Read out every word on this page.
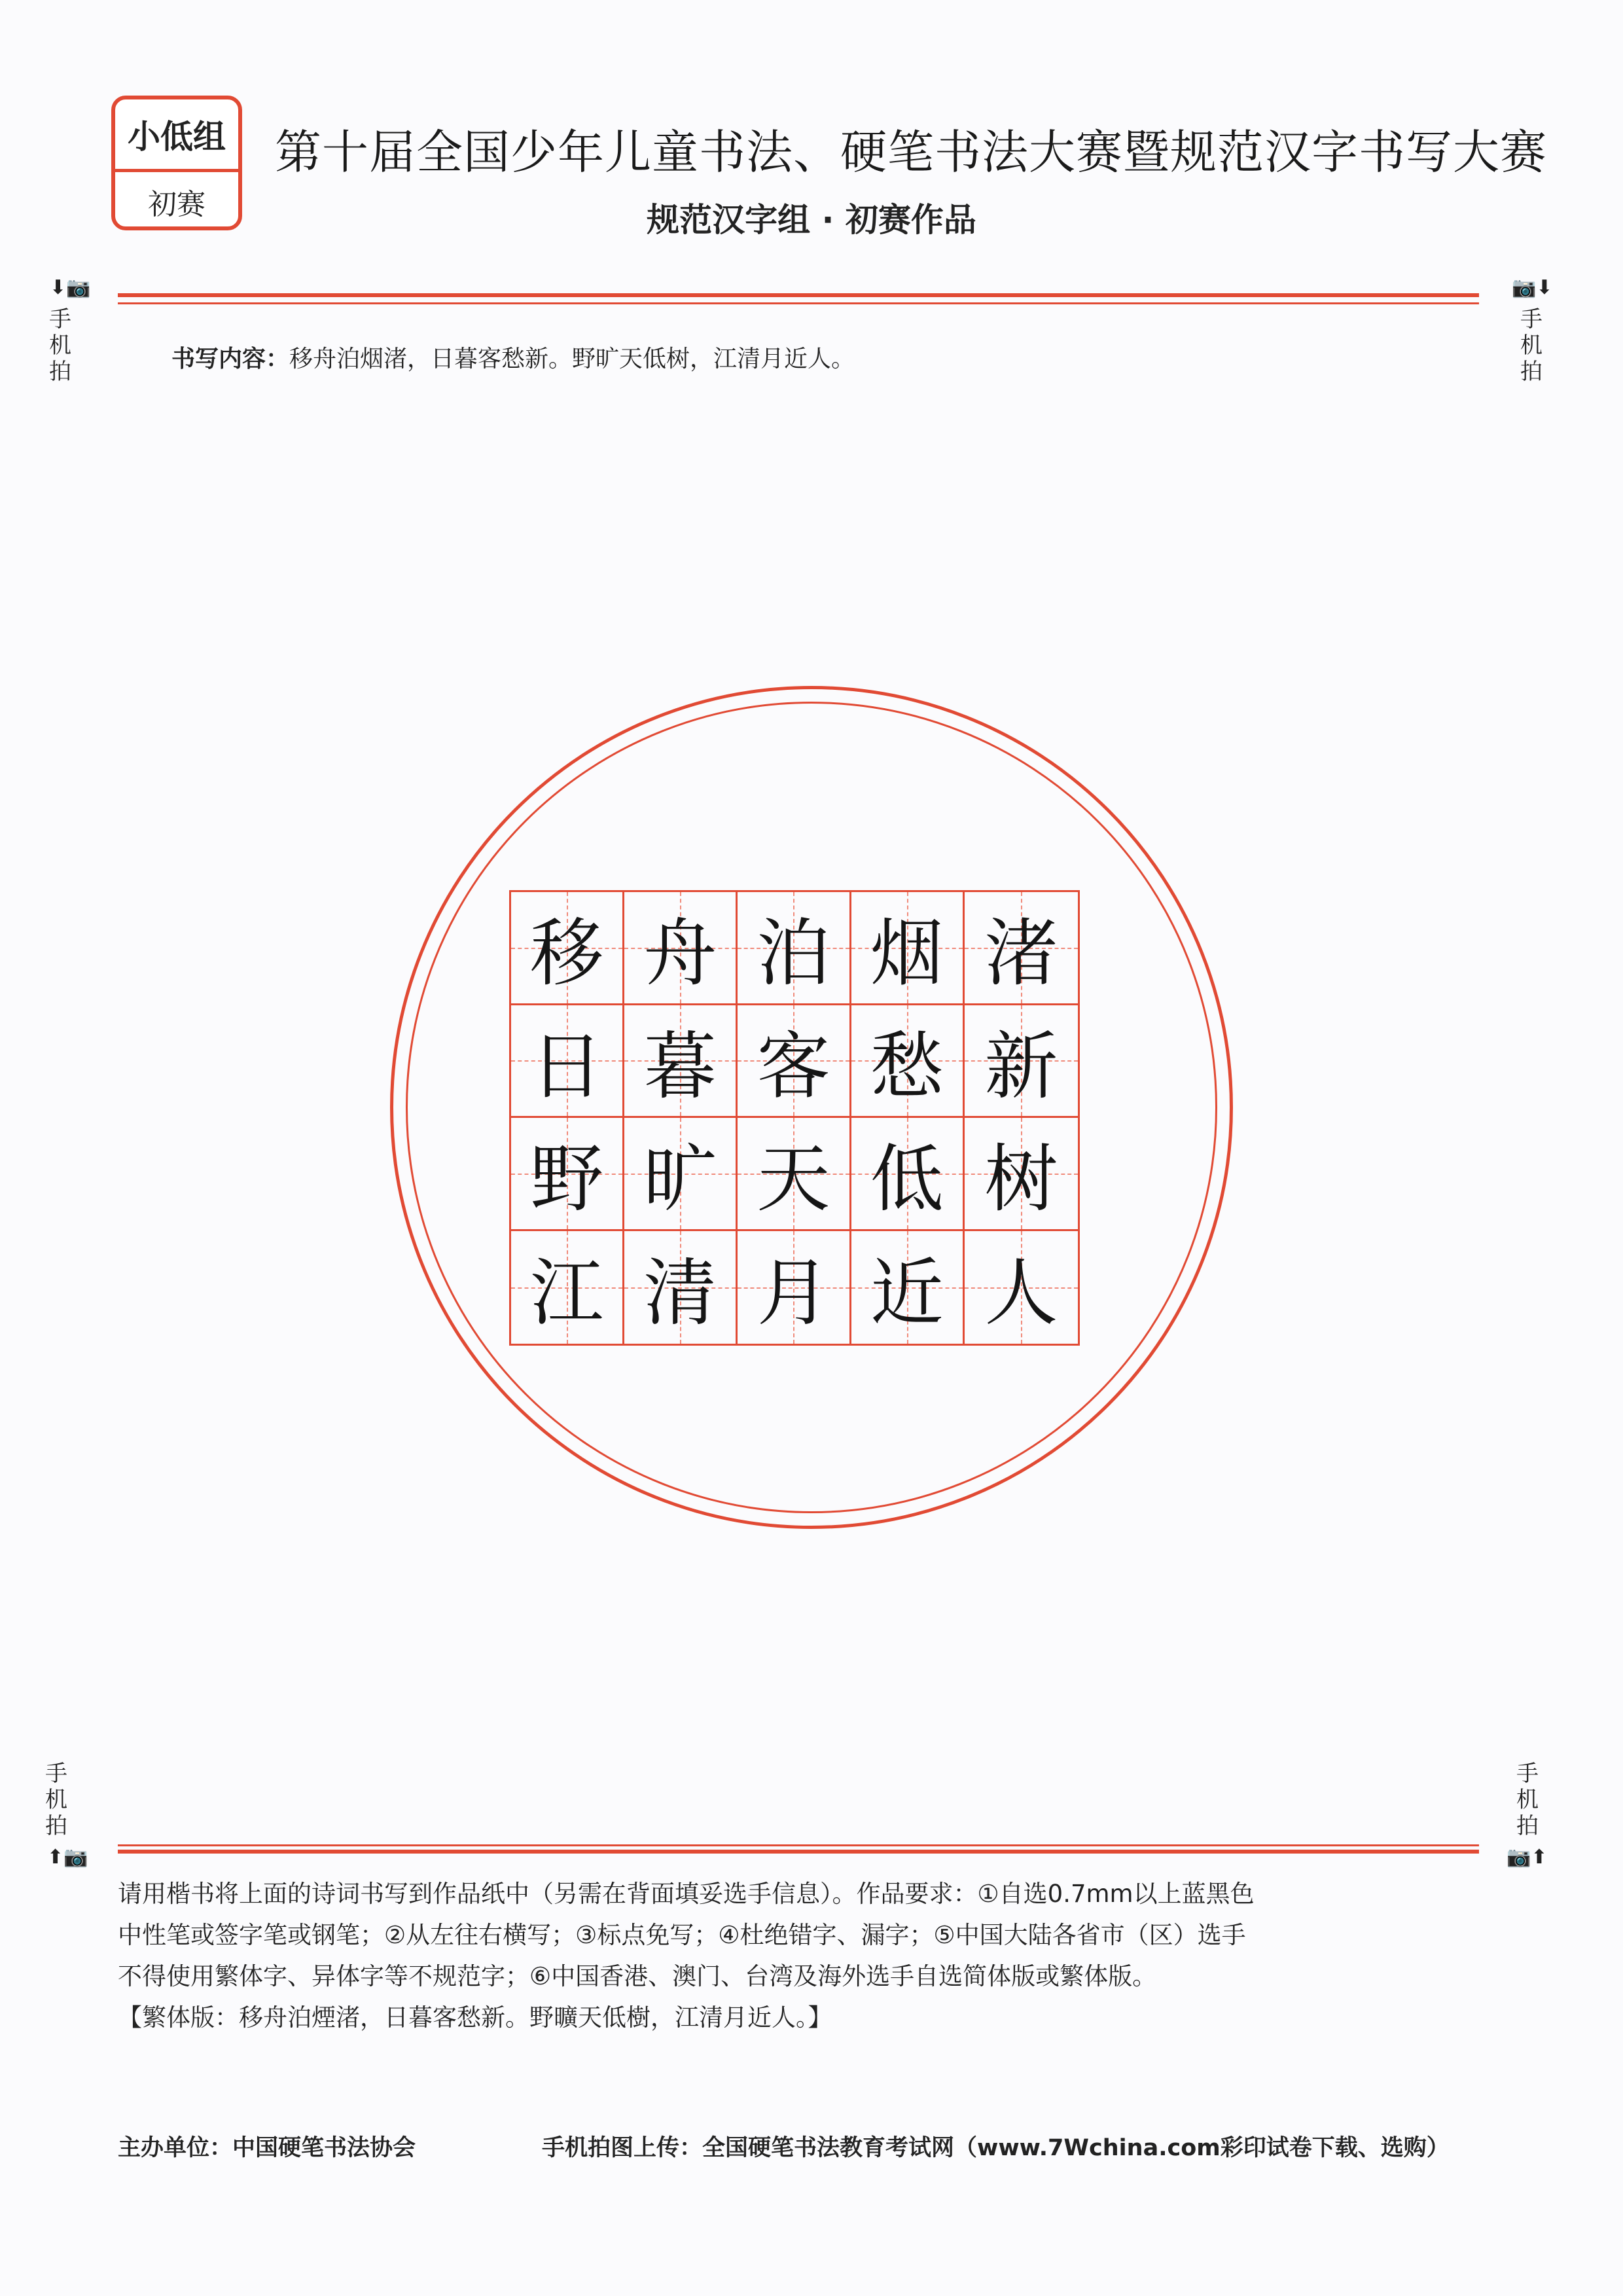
小低组
初赛
第十届全国少年儿童书法、硬笔书法大赛暨规范汉字书写大赛
规范汉字组 · 初赛作品
⬇📷
手
机
拍
📷⬇
手
机
拍
手
机
拍
⬆📷
手
机
拍
📷⬆
书写内容：移舟泊烟渚，日暮客愁新。野旷天低树，江清月近人。
移 舟 泊 烟 渚
日 暮 客 愁 新
野 旷 天 低 树
江 清 月 近 人

请用楷书将上面的诗词书写到作品纸中（另需在背面填妥选手信息）。作品要求：①自选0.7mm以上蓝黑色

中性笔或签字笔或钢笔；②从左往右横写；③标点免写；④杜绝错字、漏字；⑤中国大陆各省市（区）选手

不得使用繁体字、异体字等不规范字；⑥中国香港、澳门、台湾及海外选手自选简体版或繁体版。

【繁体版：移舟泊煙渚，日暮客愁新。野曠天低樹，江清月近人。】

主办单位：中国硬笔书法协会	手机拍图上传：全国硬笔书法教育考试网（www.7Wchina.com彩印试卷下载、选购）
